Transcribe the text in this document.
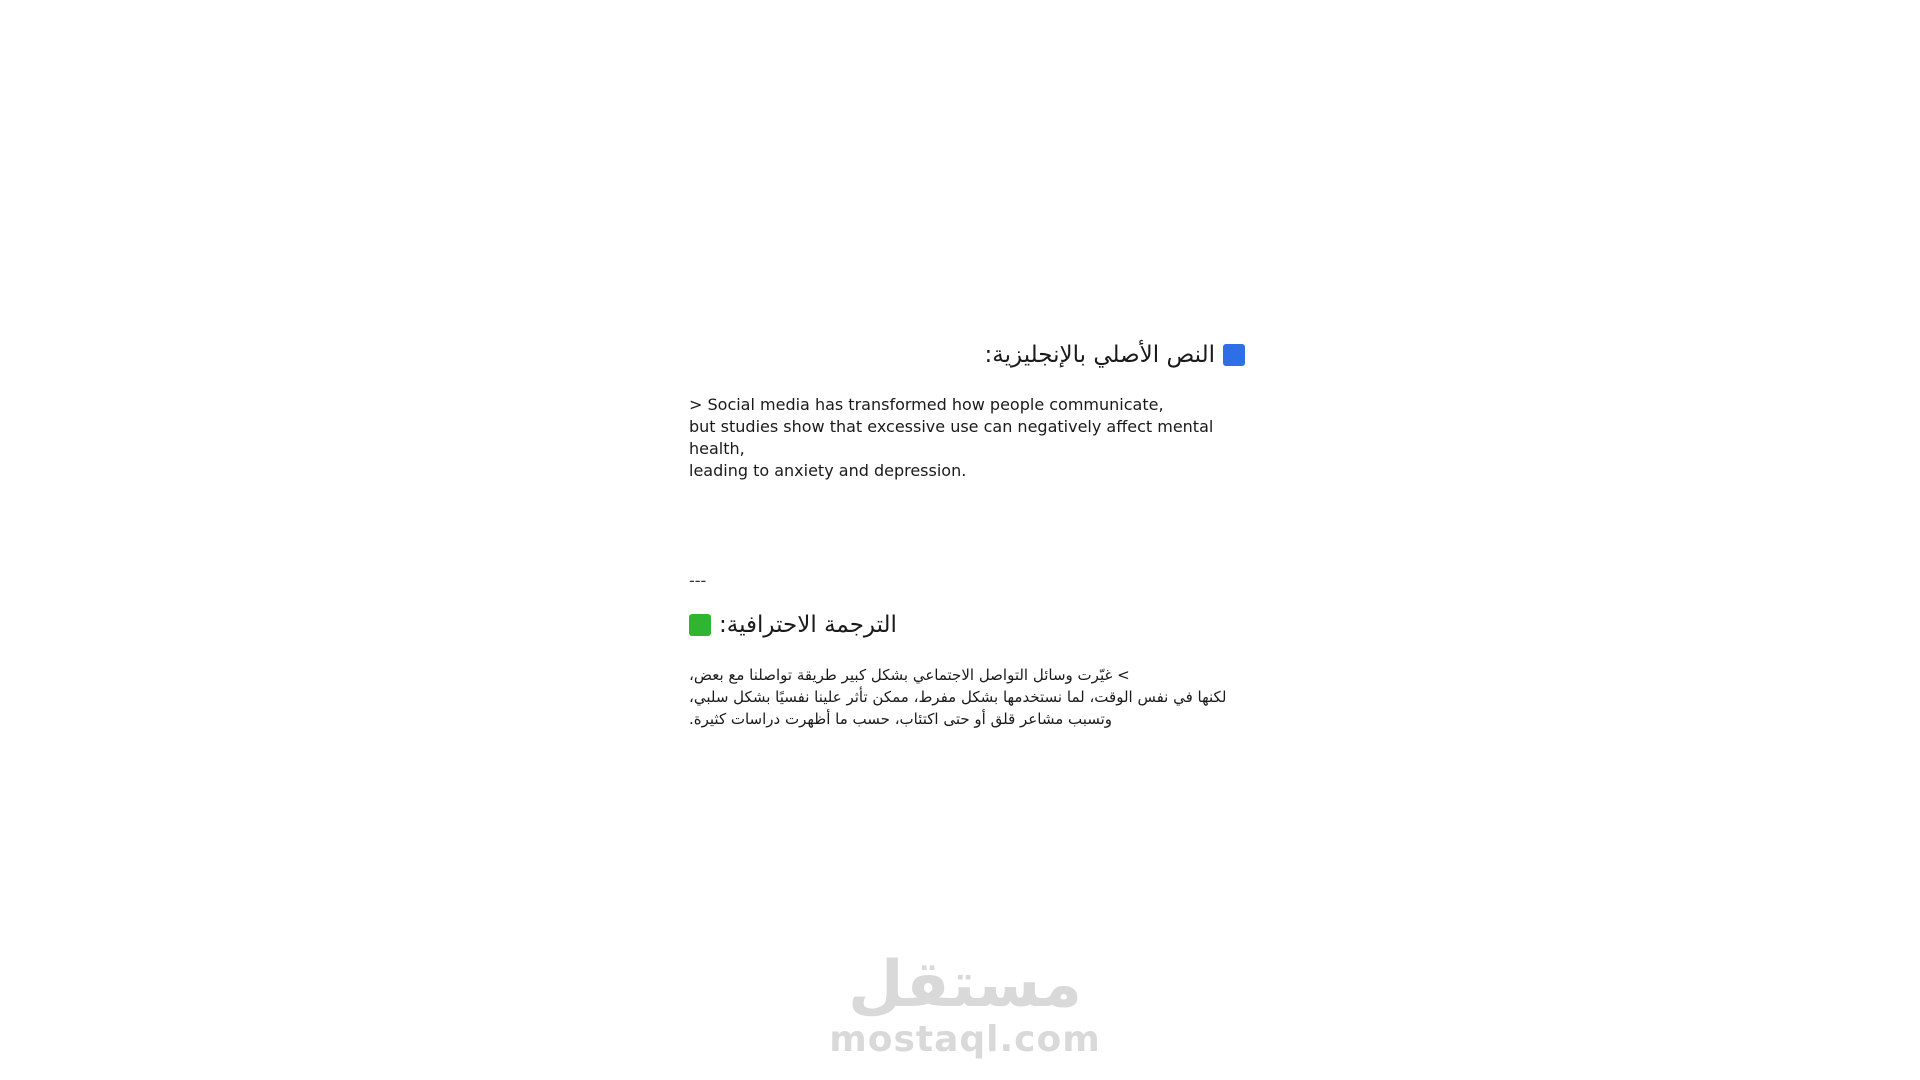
النص الأصلي بالإنجليزية:
> Social media has transformed how people communicate,
but studies show that excessive use can negatively affect mental health,
leading to anxiety and depression.
---
الترجمة الاحترافية:
> غيّرت وسائل التواصل الاجتماعي بشكل كبير طريقة تواصلنا مع بعض،
لكنها في نفس الوقت، لما نستخدمها بشكل مفرط، ممكن تأثر علينا نفسيًا بشكل سلبي،
وتسبب مشاعر قلق أو حتى اكتئاب، حسب ما أظهرت دراسات كثيرة.
مستقل
mostaql.com
